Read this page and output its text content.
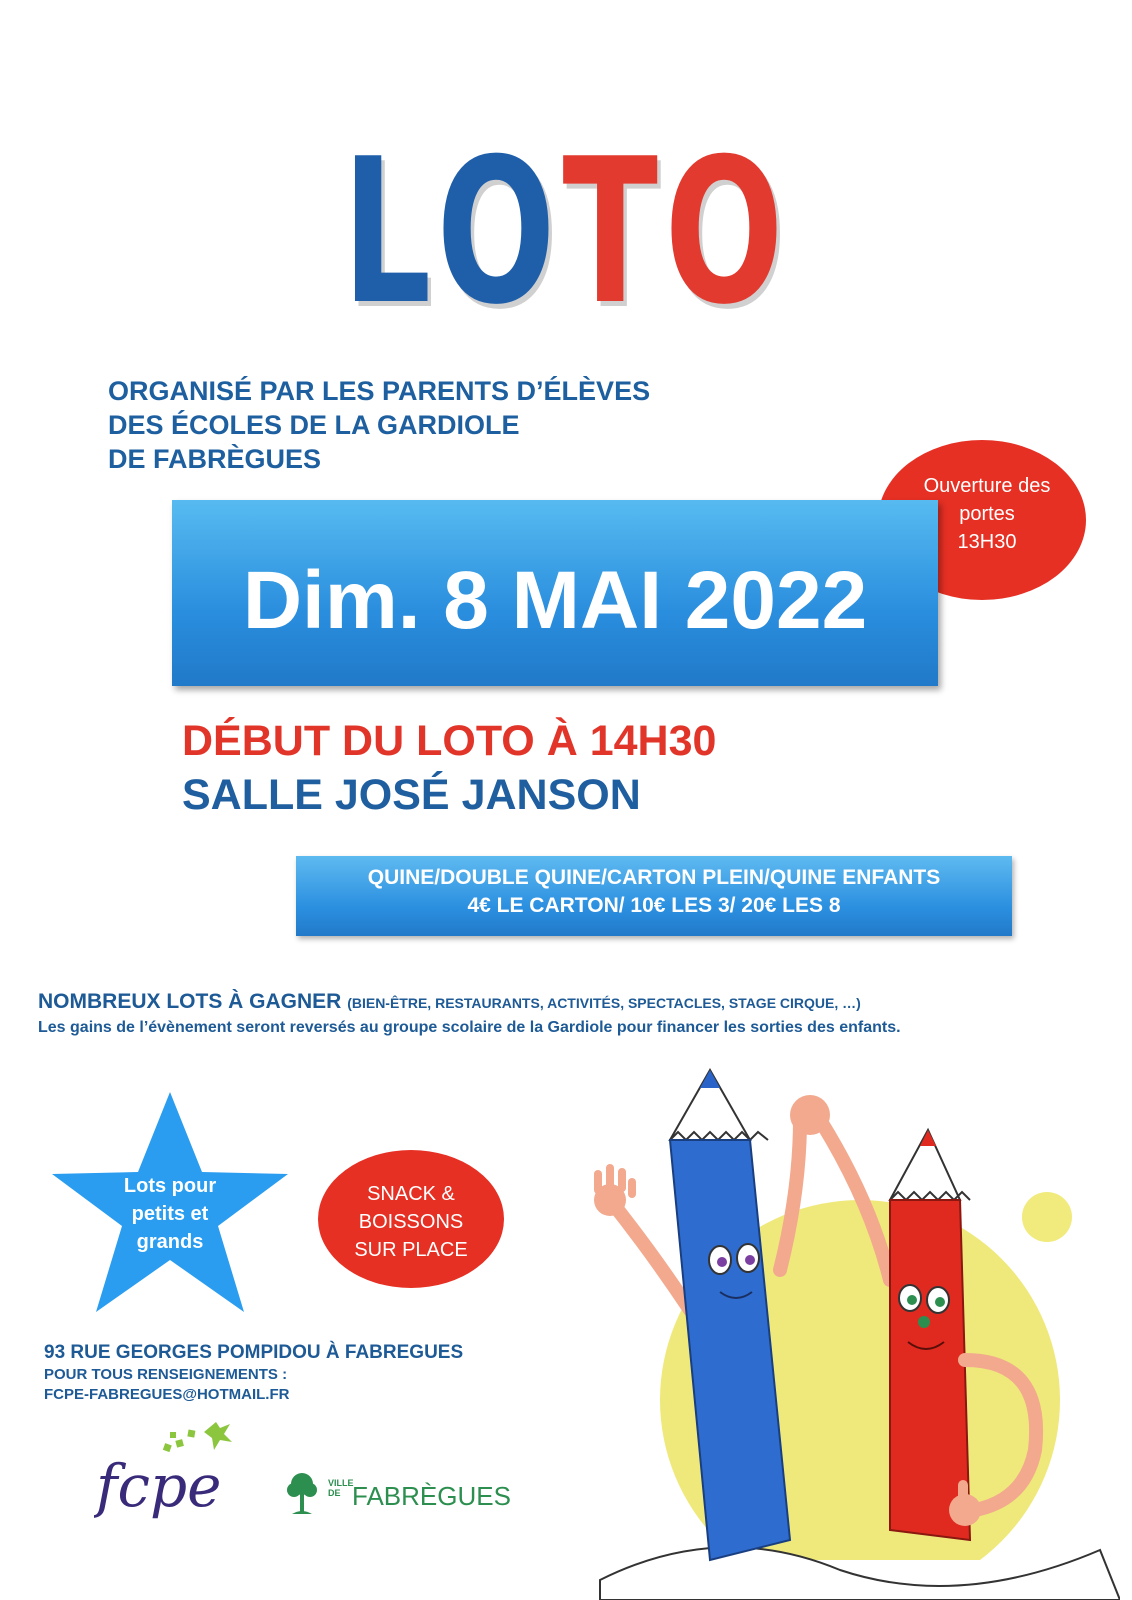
L O T O
ORGANISÉ PAR LES PARENTS D’ÉLÈVES
DES ÉCOLES DE LA GARDIOLE
DE FABRÈGUES
Ouverture des
portes
13H30
Dim. 8 MAI 2022
DÉBUT DU LOTO À 14H30
SALLE JOSÉ JANSON
QUINE/DOUBLE QUINE/CARTON PLEIN/QUINE ENFANTS
4€ LE CARTON/ 10€ LES 3/ 20€ LES 8
NOMBREUX LOTS À GAGNER (BIEN-ÊTRE, RESTAURANTS, ACTIVITÉS, SPECTACLES, STAGE CIRQUE, …)
Les gains de l’évènement seront reversés au groupe scolaire de la Gardiole pour financer les sorties des enfants.
Lots pour
petits et
grands
SNACK &
BOISSONS
SUR PLACE
93 RUE GEORGES POMPIDOU À FABREGUES
POUR TOUS RENSEIGNEMENTS :
FCPE-FABREGUES@HOTMAIL.FR
fcpe	VILLE
DE FABRÈGUES
